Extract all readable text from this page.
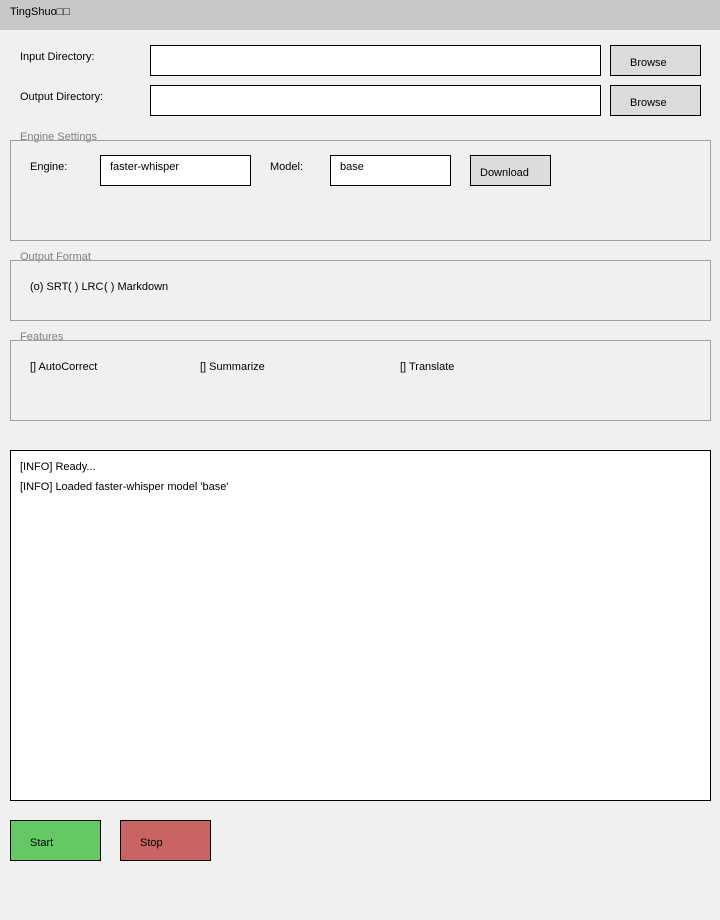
TingShuo□□
Input Directory:	Browse
Output Directory:	Browse
Engine Settings
Engine:	faster-whisper	Model:	base	Download
Output Format
(o) SRT ( ) LRC ( ) Markdown
Features
[] AutoCorrect	[] Summarize	[] Translate
[INFO] Ready...
[INFO] Loaded faster-whisper model 'base'
Start	Stop
